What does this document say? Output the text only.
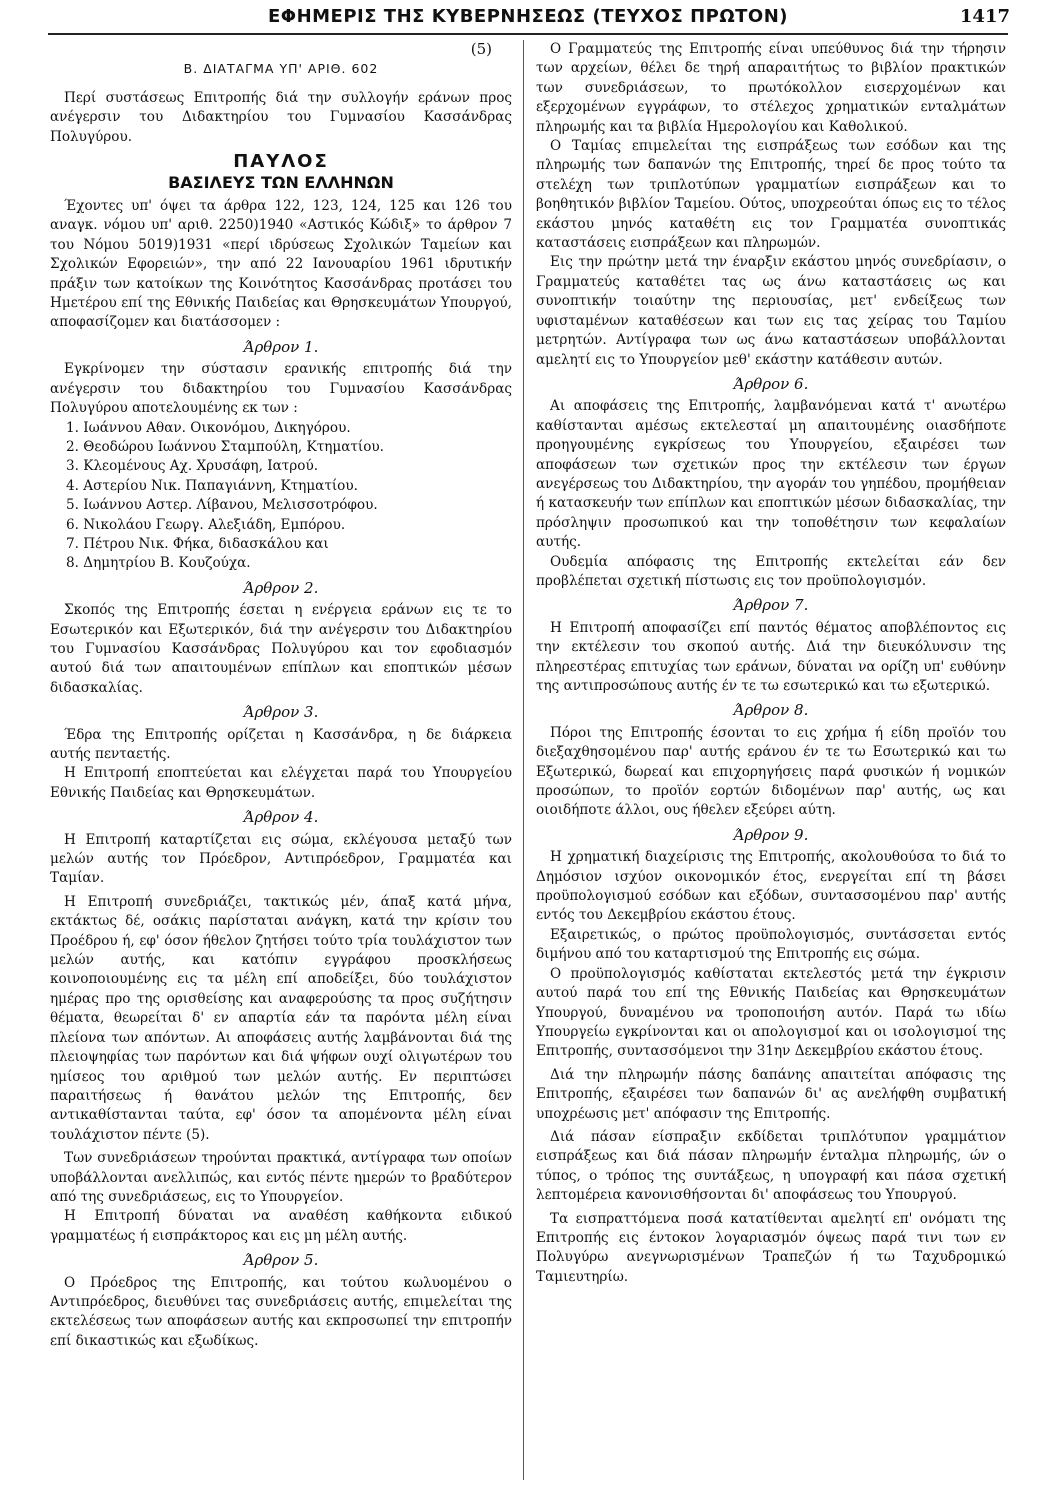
ΕΦΗΜΕΡΙΣ ΤΗΣ ΚΥΒΕΡΝΗΣΕΩΣ (ΤΕΥΧΟΣ ΠΡΩΤΟΝ)	1417

(5)

Β. ΔΙΑΤΑΓΜΑ ΥΠ' ΑΡΙΘ. 602

Περί συστάσεως Επιτροπής διά την συλλογήν εράνων προς ανέγερσιν του Διδακτηρίου του Γυμνασίου Κασσάνδρας Πολυγύρου.

ΠΑΥΛΟΣ

ΒΑΣΙΛΕΥΣ ΤΩΝ ΕΛΛΗΝΩΝ

Έχοντες υπ' όψει τα άρθρα 122, 123, 124, 125 και 126 του αναγκ. νόμου υπ' αριθ. 2250)1940 «Αστικός Κώδιξ» το άρθρον 7 του Νόμου 5019)1931 «περί ιδρύσεως Σχολικών Ταμείων και Σχολικών Εφορειών», την από 22 Ιανουαρίου 1961 ιδρυτικήν πράξιν των κατοίκων της Κοινότητος Κασσάνδρας προτάσει του Ημετέρου επί της Εθνικής Παιδείας και Θρησκευμάτων Υπουργού, αποφασίζομεν και διατάσσομεν :

Άρθρον 1.

Εγκρίνομεν την σύστασιν ερανικής επιτροπής διά την ανέγερσιν του διδακτηρίου του Γυμνασίου Κασσάνδρας Πολυγύρου αποτελουμένης εκ των :

1. Ιωάννου Αθαν. Οικονόμου, Δικηγόρου.
2. Θεοδώρου Ιωάννου Σταμπούλη, Κτηματίου.
3. Κλεομένους Αχ. Χρυσάφη, Ιατρού.
4. Αστερίου Νικ. Παπαγιάννη, Κτηματίου.
5. Ιωάννου Αστερ. Λίβανου, Μελισσοτρόφου.
6. Νικολάου Γεωργ. Αλεξιάδη, Εμπόρου.
7. Πέτρου Νικ. Φήκα, διδασκάλου και
8. Δημητρίου Β. Κουζούχα.

Άρθρον 2.

Σκοπός της Επιτροπής έσεται η ενέργεια εράνων εις τε το Εσωτερικόν και Εξωτερικόν, διά την ανέγερσιν του Διδακτηρίου του Γυμνασίου Κασσάνδρας Πολυγύρου και τον εφοδιασμόν αυτού διά των απαιτουμένων επίπλων και εποπτικών μέσων διδασκαλίας.

Άρθρον 3.

Έδρα της Επιτροπής ορίζεται η Κασσάνδρα, η δε διάρκεια αυτής πενταετής.

Η Επιτροπή εποπτεύεται και ελέγχεται παρά του Υπουργείου Εθνικής Παιδείας και Θρησκευμάτων.

Άρθρον 4.

Η Επιτροπή καταρτίζεται εις σώμα, εκλέγουσα μεταξύ των μελών αυτής τον Πρόεδρον, Αντιπρόεδρον, Γραμματέα και Ταμίαν.

Η Επιτροπή συνεδριάζει, τακτικώς μέν, άπαξ κατά μήνα, εκτάκτως δέ, οσάκις παρίσταται ανάγκη, κατά την κρίσιν του Προέδρου ή, εφ' όσον ήθελον ζητήσει τούτο τρία τουλάχιστον των μελών αυτής, και κατόπιν εγγράφου προσκλήσεως κοινοποιουμένης εις τα μέλη επί αποδείξει, δύο τουλάχιστον ημέρας προ της ορισθείσης και αναφερούσης τα προς συζήτησιν θέματα, θεωρείται δ' εν απαρτία εάν τα παρόντα μέλη είναι πλείονα των απόντων. Αι αποφάσεις αυτής λαμβάνονται διά της πλειοψηφίας των παρόντων και διά ψήφων ουχί ολιγωτέρων του ημίσεος του αριθμού των μελών αυτής. Εν περιπτώσει παραιτήσεως ή θανάτου μελών της Επιτροπής, δεν αντικαθίστανται ταύτα, εφ' όσον τα απομένοντα μέλη είναι τουλάχιστον πέντε (5).

Των συνεδριάσεων τηρούνται πρακτικά, αντίγραφα των οποίων υποβάλλονται ανελλιπώς, και εντός πέντε ημερών το βραδύτερον από της συνεδριάσεως, εις το Υπουργείον.

Η Επιτροπή δύναται να αναθέση καθήκοντα ειδικού γραμματέως ή εισπράκτορος και εις μη μέλη αυτής.

Άρθρον 5.

Ο Πρόεδρος της Επιτροπής, και τούτου κωλυομένου ο Αντιπρόεδρος, διευθύνει τας συνεδριάσεις αυτής, επιμελείται της εκτελέσεως των αποφάσεων αυτής και εκπροσωπεί την επιτροπήν επί δικαστικώς και εξωδίκως.

Ο Γραμματεύς της Επιτροπής είναι υπεύθυνος διά την τήρησιν των αρχείων, θέλει δε τηρή απαραιτήτως το βιβλίον πρακτικών των συνεδριάσεων, το πρωτόκολλον εισερχομένων και εξερχομένων εγγράφων, το στέλεχος χρηματικών ενταλμάτων πληρωμής και τα βιβλία Ημερολογίου και Καθολικού.

Ο Ταμίας επιμελείται της εισπράξεως των εσόδων και της πληρωμής των δαπανών της Επιτροπής, τηρεί δε προς τούτο τα στελέχη των τριπλοτύπων γραμματίων εισπράξεων και το βοηθητικόν βιβλίον Ταμείου. Ούτος, υποχρεούται όπως εις το τέλος εκάστου μηνός καταθέτη εις τον Γραμματέα συνοπτικάς καταστάσεις εισπράξεων και πληρωμών.

Εις την πρώτην μετά την έναρξιν εκάστου μηνός συνεδρίασιν, ο Γραμματεύς καταθέτει τας ως άνω καταστάσεις ως και συνοπτικήν τοιαύτην της περιουσίας, μετ' ενδείξεως των υφισταμένων καταθέσεων και των εις τας χείρας του Ταμίου μετρητών. Αντίγραφα των ως άνω καταστάσεων υποβάλλονται αμελητί εις το Υπουργείον μεθ' εκάστην κατάθεσιν αυτών.

Άρθρον 6.

Αι αποφάσεις της Επιτροπής, λαμβανόμεναι κατά τ' ανωτέρω καθίστανται αμέσως εκτελεσταί μη απαιτουμένης οιασδήποτε προηγουμένης εγκρίσεως του Υπουργείου, εξαιρέσει των αποφάσεων των σχετικών προς την εκτέλεσιν των έργων ανεγέρσεως του Διδακτηρίου, την αγοράν του γηπέδου, προμήθειαν ή κατασκευήν των επίπλων και εποπτικών μέσων διδασκαλίας, την πρόσληψιν προσωπικού και την τοποθέτησιν των κεφαλαίων αυτής.

Ουδεμία απόφασις της Επιτροπής εκτελείται εάν δεν προβλέπεται σχετική πίστωσις εις τον προϋπολογισμόν.

Άρθρον 7.

Η Επιτροπή αποφασίζει επί παντός θέματος αποβλέποντος εις την εκτέλεσιν του σκοπού αυτής. Διά την διευκόλυνσιν της πληρεστέρας επιτυχίας των εράνων, δύναται να ορίζη υπ' ευθύνην της αντιπροσώπους αυτής έν τε τω εσωτερικώ και τω εξωτερικώ.

Άρθρον 8.

Πόροι της Επιτροπής έσονται το εις χρήμα ή είδη προϊόν του διεξαχθησομένου παρ' αυτής εράνου έν τε τω Εσωτερικώ και τω Εξωτερικώ, δωρεαί και επιχορηγήσεις παρά φυσικών ή νομικών προσώπων, το προϊόν εορτών διδομένων παρ' αυτής, ως και οιοιδήποτε άλλοι, ους ήθελεν εξεύρει αύτη.

Άρθρον 9.

Η χρηματική διαχείρισις της Επιτροπής, ακολουθούσα το διά το Δημόσιον ισχύον οικονομικόν έτος, ενεργείται επί τη βάσει προϋπολογισμού εσόδων και εξόδων, συντασσομένου παρ' αυτής εντός του Δεκεμβρίου εκάστου έτους.

Εξαιρετικώς, ο πρώτος προϋπολογισμός, συντάσσεται εντός διμήνου από του καταρτισμού της Επιτροπής εις σώμα.

Ο προϋπολογισμός καθίσταται εκτελεστός μετά την έγκρισιν αυτού παρά του επί της Εθνικής Παιδείας και Θρησκευμάτων Υπουργού, δυναμένου να τροποποιήση αυτόν. Παρά τω ιδίω Υπουργείω εγκρίνονται και οι απολογισμοί και οι ισολογισμοί της Επιτροπής, συντασσόμενοι την 31ην Δεκεμβρίου εκάστου έτους.

Διά την πληρωμήν πάσης δαπάνης απαιτείται απόφασις της Επιτροπής, εξαιρέσει των δαπανών δι' ας ανελήφθη συμβατική υποχρέωσις μετ' απόφασιν της Επιτροπής.

Διά πάσαν είσπραξιν εκδίδεται τριπλότυπον γραμμάτιον εισπράξεως και διά πάσαν πληρωμήν ένταλμα πληρωμής, ών ο τύπος, ο τρόπος της συντάξεως, η υπογραφή και πάσα σχετική λεπτομέρεια κανονισθήσονται δι' αποφάσεως του Υπουργού.

Τα εισπραττόμενα ποσά κατατίθενται αμελητί επ' ονόματι της Επιτροπής εις έντοκον λογαριασμόν όψεως παρά τινι των εν Πολυγύρω ανεγνωρισμένων Τραπεζών ή τω Ταχυδρομικώ Ταμιευτηρίω.
